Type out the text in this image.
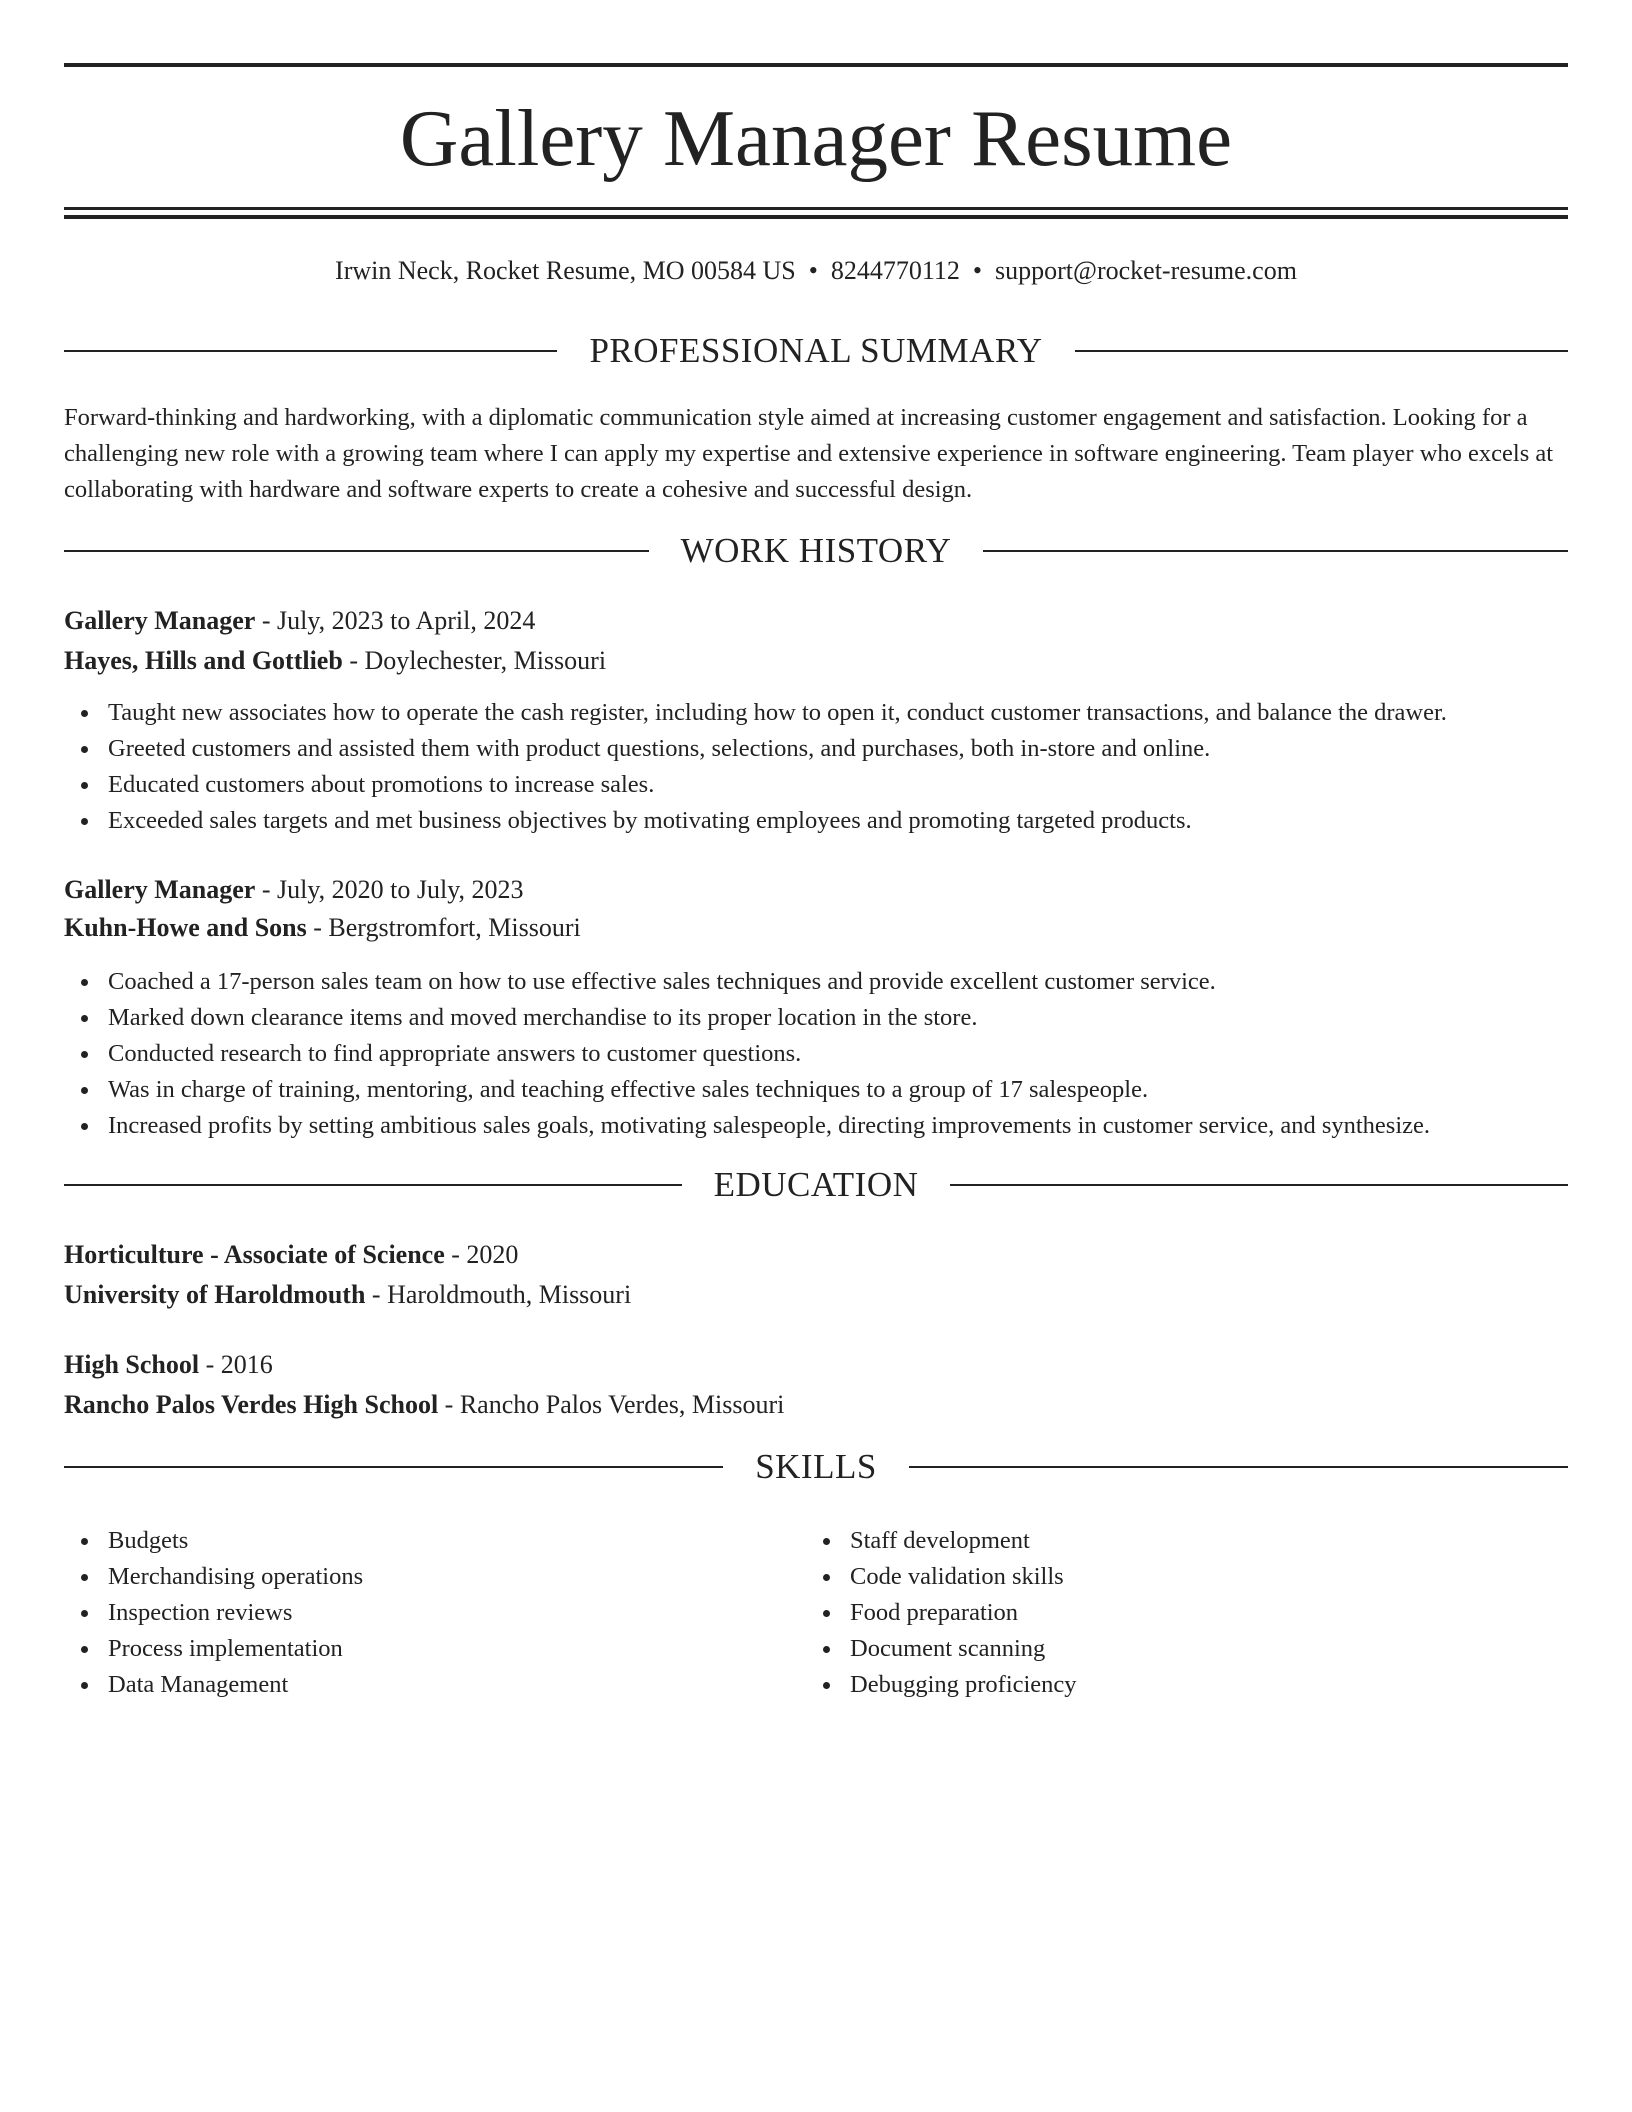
Gallery Manager Resume
Irwin Neck, Rocket Resume, MO 00584 US • 8244770112 • support@rocket-resume.com
PROFESSIONAL SUMMARY

Forward-thinking and hardworking, with a diplomatic communication style aimed at increasing customer engagement and satisfaction. Looking for a challenging new role with a growing team where I can apply my expertise and extensive experience in software engineering. Team player who excels at collaborating with hardware and software experts to create a cohesive and successful design.

WORK HISTORY
Gallery Manager - July, 2023 to April, 2024
Hayes, Hills and Gottlieb - Doylechester, Missouri
Taught new associates how to operate the cash register, including how to open it, conduct customer transactions, and balance the drawer.
Greeted customers and assisted them with product questions, selections, and purchases, both in-store and online.
Educated customers about promotions to increase sales.
Exceeded sales targets and met business objectives by motivating employees and promoting targeted products.
Gallery Manager - July, 2020 to July, 2023
Kuhn-Howe and Sons - Bergstromfort, Missouri
Coached a 17-person sales team on how to use effective sales techniques and provide excellent customer service.
Marked down clearance items and moved merchandise to its proper location in the store.
Conducted research to find appropriate answers to customer questions.
Was in charge of training, mentoring, and teaching effective sales techniques to a group of 17 salespeople.
Increased profits by setting ambitious sales goals, motivating salespeople, directing improvements in customer service, and synthesize.
EDUCATION
Horticulture - Associate of Science - 2020
University of Haroldmouth - Haroldmouth, Missouri
High School - 2016
Rancho Palos Verdes High School - Rancho Palos Verdes, Missouri
SKILLS
Budgets
Merchandising operations
Inspection reviews
Process implementation
Data Management
Staff development
Code validation skills
Food preparation
Document scanning
Debugging proficiency
